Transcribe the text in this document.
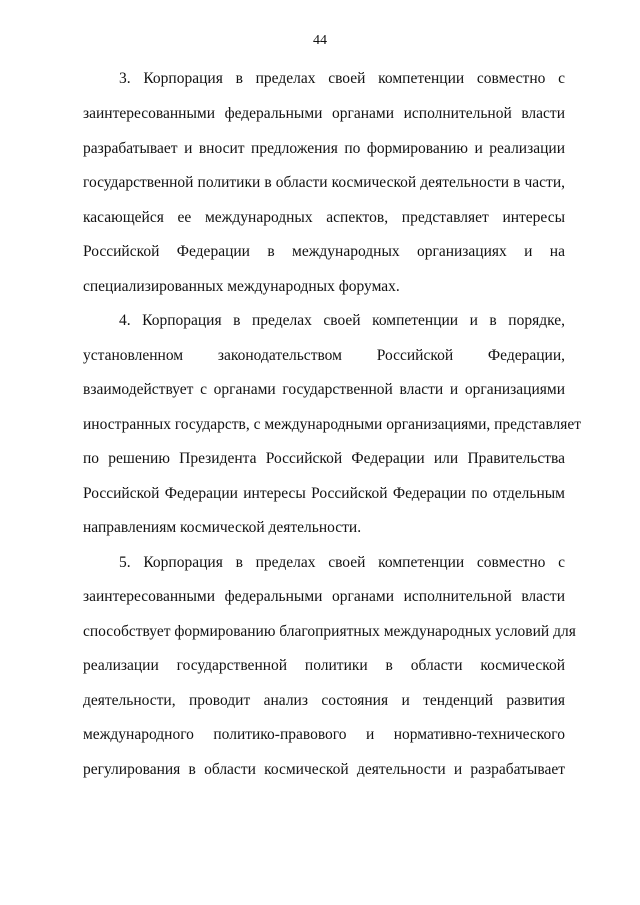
44
3. Корпорация в пределах своей компетенции совместно с
заинтересованными федеральными органами исполнительной власти
разрабатывает и вносит предложения по формированию и реализации
государственной политики в области космической деятельности в части,
касающейся ее международных аспектов, представляет интересы
Российской Федерации в международных организациях и на
специализированных международных форумах.
4. Корпорация в пределах своей компетенции и в порядке,
установленном законодательством Российской Федерации,
взаимодействует с органами государственной власти и организациями
иностранных государств, с международными организациями, представляет
по решению Президента Российской Федерации или Правительства
Российской Федерации интересы Российской Федерации по отдельным
направлениям космической деятельности.
5. Корпорация в пределах своей компетенции совместно с
заинтересованными федеральными органами исполнительной власти
способствует формированию благоприятных международных условий для
реализации государственной политики в области космической
деятельности, проводит анализ состояния и тенденций развития
международного политико-правового и нормативно-технического
регулирования в области космической деятельности и разрабатывает
